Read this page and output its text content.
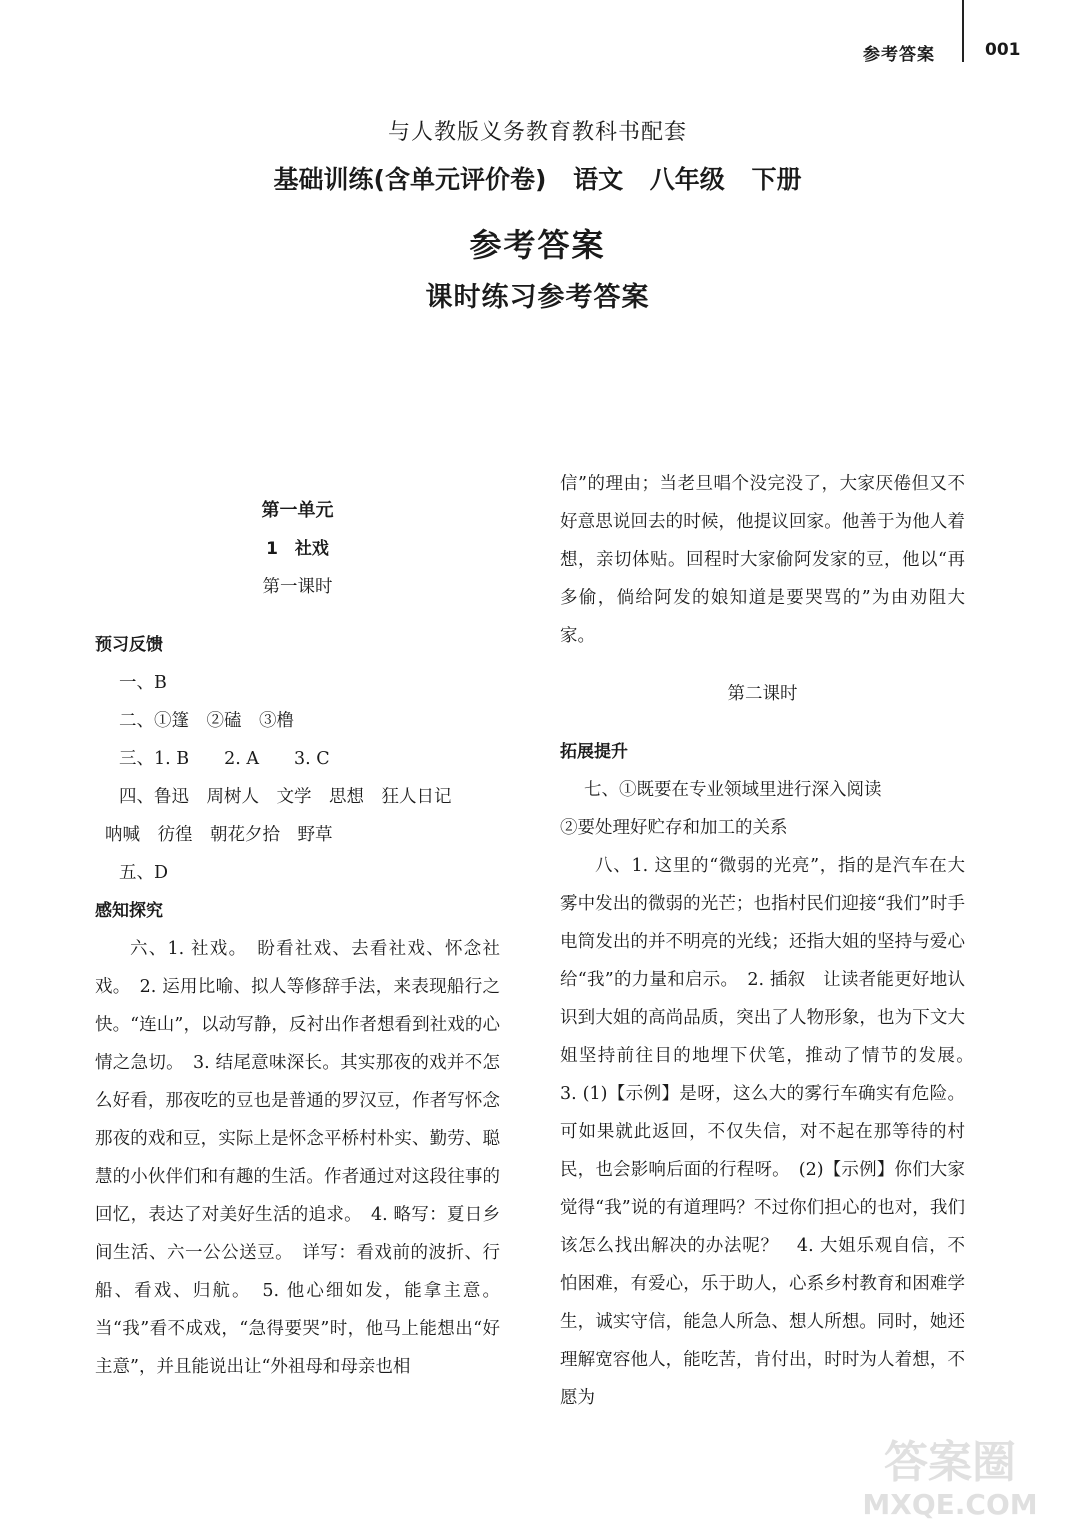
参考答案	001
与人教版义务教育教科书配套
基础训练(含单元评价卷) 语文 八年级 下册
参考答案
课时练习参考答案

第一单元

1　社戏

第一课时

预习反馈

一、B

二、①篷　②磕　③橹

三、1. B　　2. A　　3. C

四、鲁迅　周树人　文学　思想　狂人日记

呐喊　彷徨　朝花夕拾　野草

五、D

感知探究

六、1. 社戏。　盼看社戏、去看社戏、怀念社戏。　2. 运用比喻、拟人等修辞手法，来表现船行之快。“连山”，以动写静，反衬出作者想看到社戏的心情之急切。　3. 结尾意味深长。其实那夜的戏并不怎么好看，那夜吃的豆也是普通的罗汉豆，作者写怀念那夜的戏和豆，实际上是怀念平桥村朴实、勤劳、聪慧的小伙伴们和有趣的生活。作者通过对这段往事的回忆，表达了对美好生活的追求。　4. 略写：夏日乡间生活、六一公公送豆。　详写：看戏前的波折、行船、看戏、归航。　5. 他心细如发，能拿主意。当“我”看不成戏，“急得要哭”时，他马上能想出“好主意”，并且能说出让“外祖母和母亲也相

信”的理由；当老旦唱个没完没了，大家厌倦但又不好意思说回去的时候，他提议回家。他善于为他人着想，亲切体贴。回程时大家偷阿发家的豆，他以“再多偷，倘给阿发的娘知道是要哭骂的”为由劝阻大家。

第二课时

拓展提升

七、①既要在专业领域里进行深入阅读

②要处理好贮存和加工的关系

八、1. 这里的“微弱的光亮”，指的是汽车在大雾中发出的微弱的光芒；也指村民们迎接“我们”时手电筒发出的并不明亮的光线；还指大姐的坚持与爱心给“我”的力量和启示。　2. 插叙　让读者能更好地认识到大姐的高尚品质，突出了人物形象，也为下文大姐坚持前往目的地埋下伏笔，推动了情节的发展。　3. (1)【示例】是呀，这么大的雾行车确实有危险。可如果就此返回，不仅失信，对不起在那等待的村民，也会影响后面的行程呀。　(2)【示例】你们大家觉得“我”说的有道理吗？不过你们担心的也对，我们该怎么找出解决的办法呢？　4. 大姐乐观自信，不怕困难，有爱心，乐于助人，心系乡村教育和困难学生，诚实守信，能急人所急、想人所想。同时，她还理解宽容他人，能吃苦，肯付出，时时为人着想，不愿为

答案圈
MXQE.COM
